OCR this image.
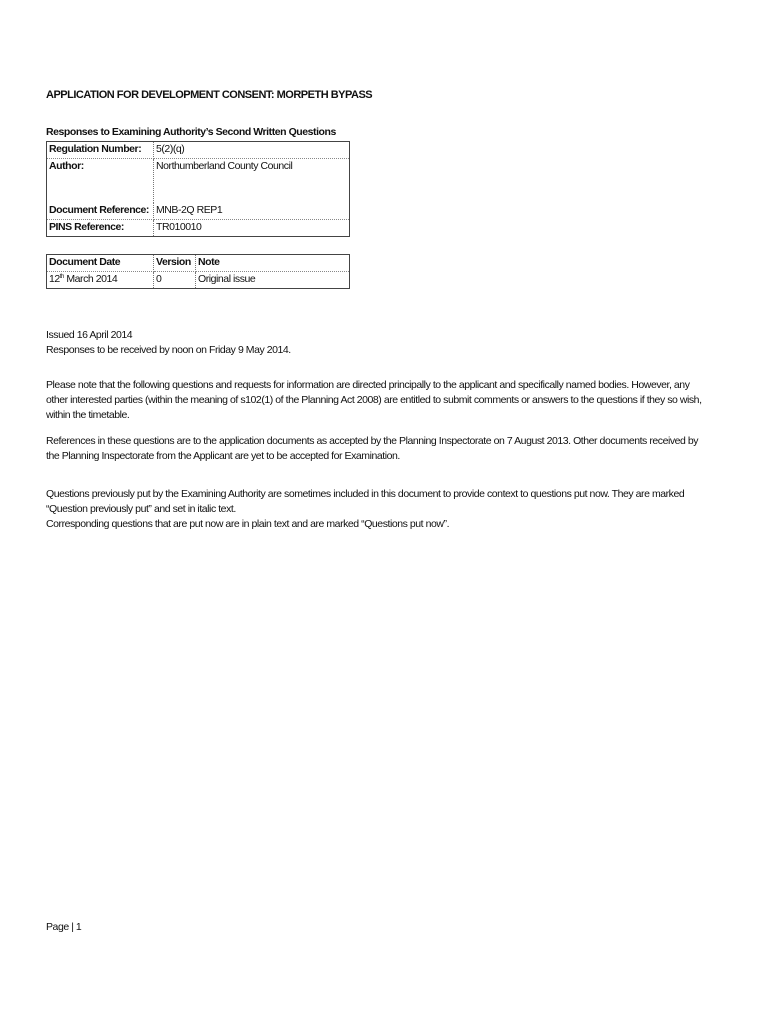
APPLICATION FOR DEVELOPMENT CONSENT: MORPETH BYPASS
Responses to Examining Authority’s Second Written Questions
Regulation Number:	5(2)(q)
Author:	Northumberland County Council
Document Reference:	MNB-2Q REP1
PINS Reference:	TR010010
Document Date	Version	Note
12th March 2014	0	Original issue
Issued 16 April 2014
Responses to be received by noon on Friday 9 May 2014.
Please note that the following questions and requests for information are directed principally to the applicant and specifically named bodies. However, any other interested parties (within the meaning of s102(1) of the Planning Act 2008) are entitled to submit comments or answers to the questions if they so wish, within the timetable.
References in these questions are to the application documents as accepted by the Planning Inspectorate on 7 August 2013. Other documents received by the Planning Inspectorate from the Applicant are yet to be accepted for Examination.
Questions previously put by the Examining Authority are sometimes included in this document to provide context to questions put now. They are marked “Question previously put” and set in italic text.
Corresponding questions that are put now are in plain text and are marked “Questions put now”.
Page | 1
